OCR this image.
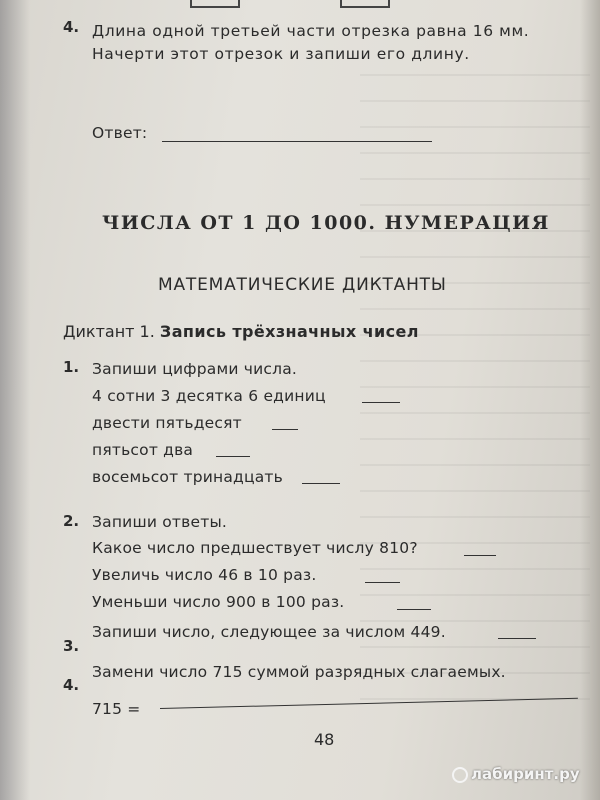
4. Длина одной третьей части отрезка равна 16 мм.
Начерти этот отрезок и запиши его длину.
Ответ:
ЧИСЛА ОТ 1 ДО 1000. НУМЕРАЦИЯ
МАТЕМАТИЧЕСКИЕ ДИКТАНТЫ
Диктант 1. Запись трёхзначных чисел
1. Запиши цифрами числа.
4 сотни 3 десятка 6 единиц
двести пятьдесят
пятьсот два
восемьсот тринадцать
2. Запиши ответы.
Какое число предшествует числу 810?
Увеличь число 46 в 10 раз.
Уменьши число 900 в 100 раз.
3.
Запиши число, следующее за числом 449.
4.
Замени число 715 суммой разрядных слагаемых.
715 =
48
лабиринт.ру
